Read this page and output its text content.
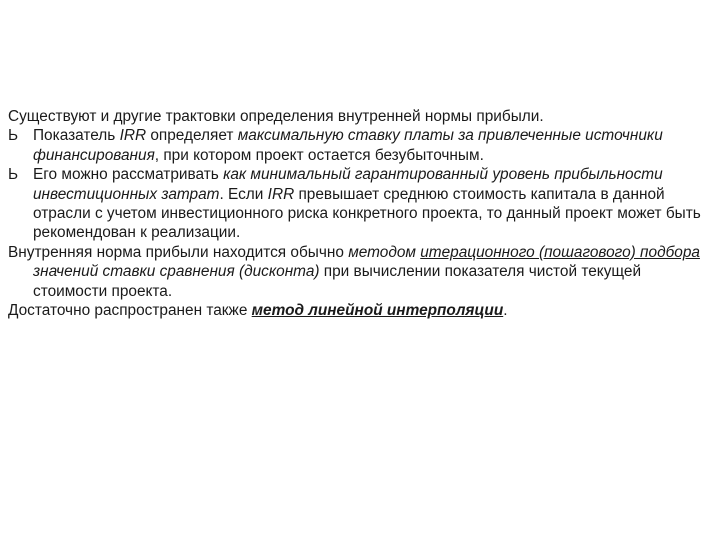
Существуют и другие трактовки определения внутренней нормы прибыли.

Ь Показатель IRR определяет максимальную ставку платы за привлеченные источники финансирования, при котором проект остается безубыточным.
Ь Его можно рассматривать как минимальный гарантированный уровень прибыльности инвестиционных затрат. Если IRR превышает среднюю стоимость капитала в данной отрасли с учетом инвестиционного риска конкретного проекта, то данный проект может быть рекомендован к реализации.

Внутренняя норма прибыли находится обычно методом итерационного (пошагового) подбора значений ставки сравнения (дисконта) при вычислении показателя чистой текущей стоимости проекта.

Достаточно распространен также метод линейной интерполяции.
